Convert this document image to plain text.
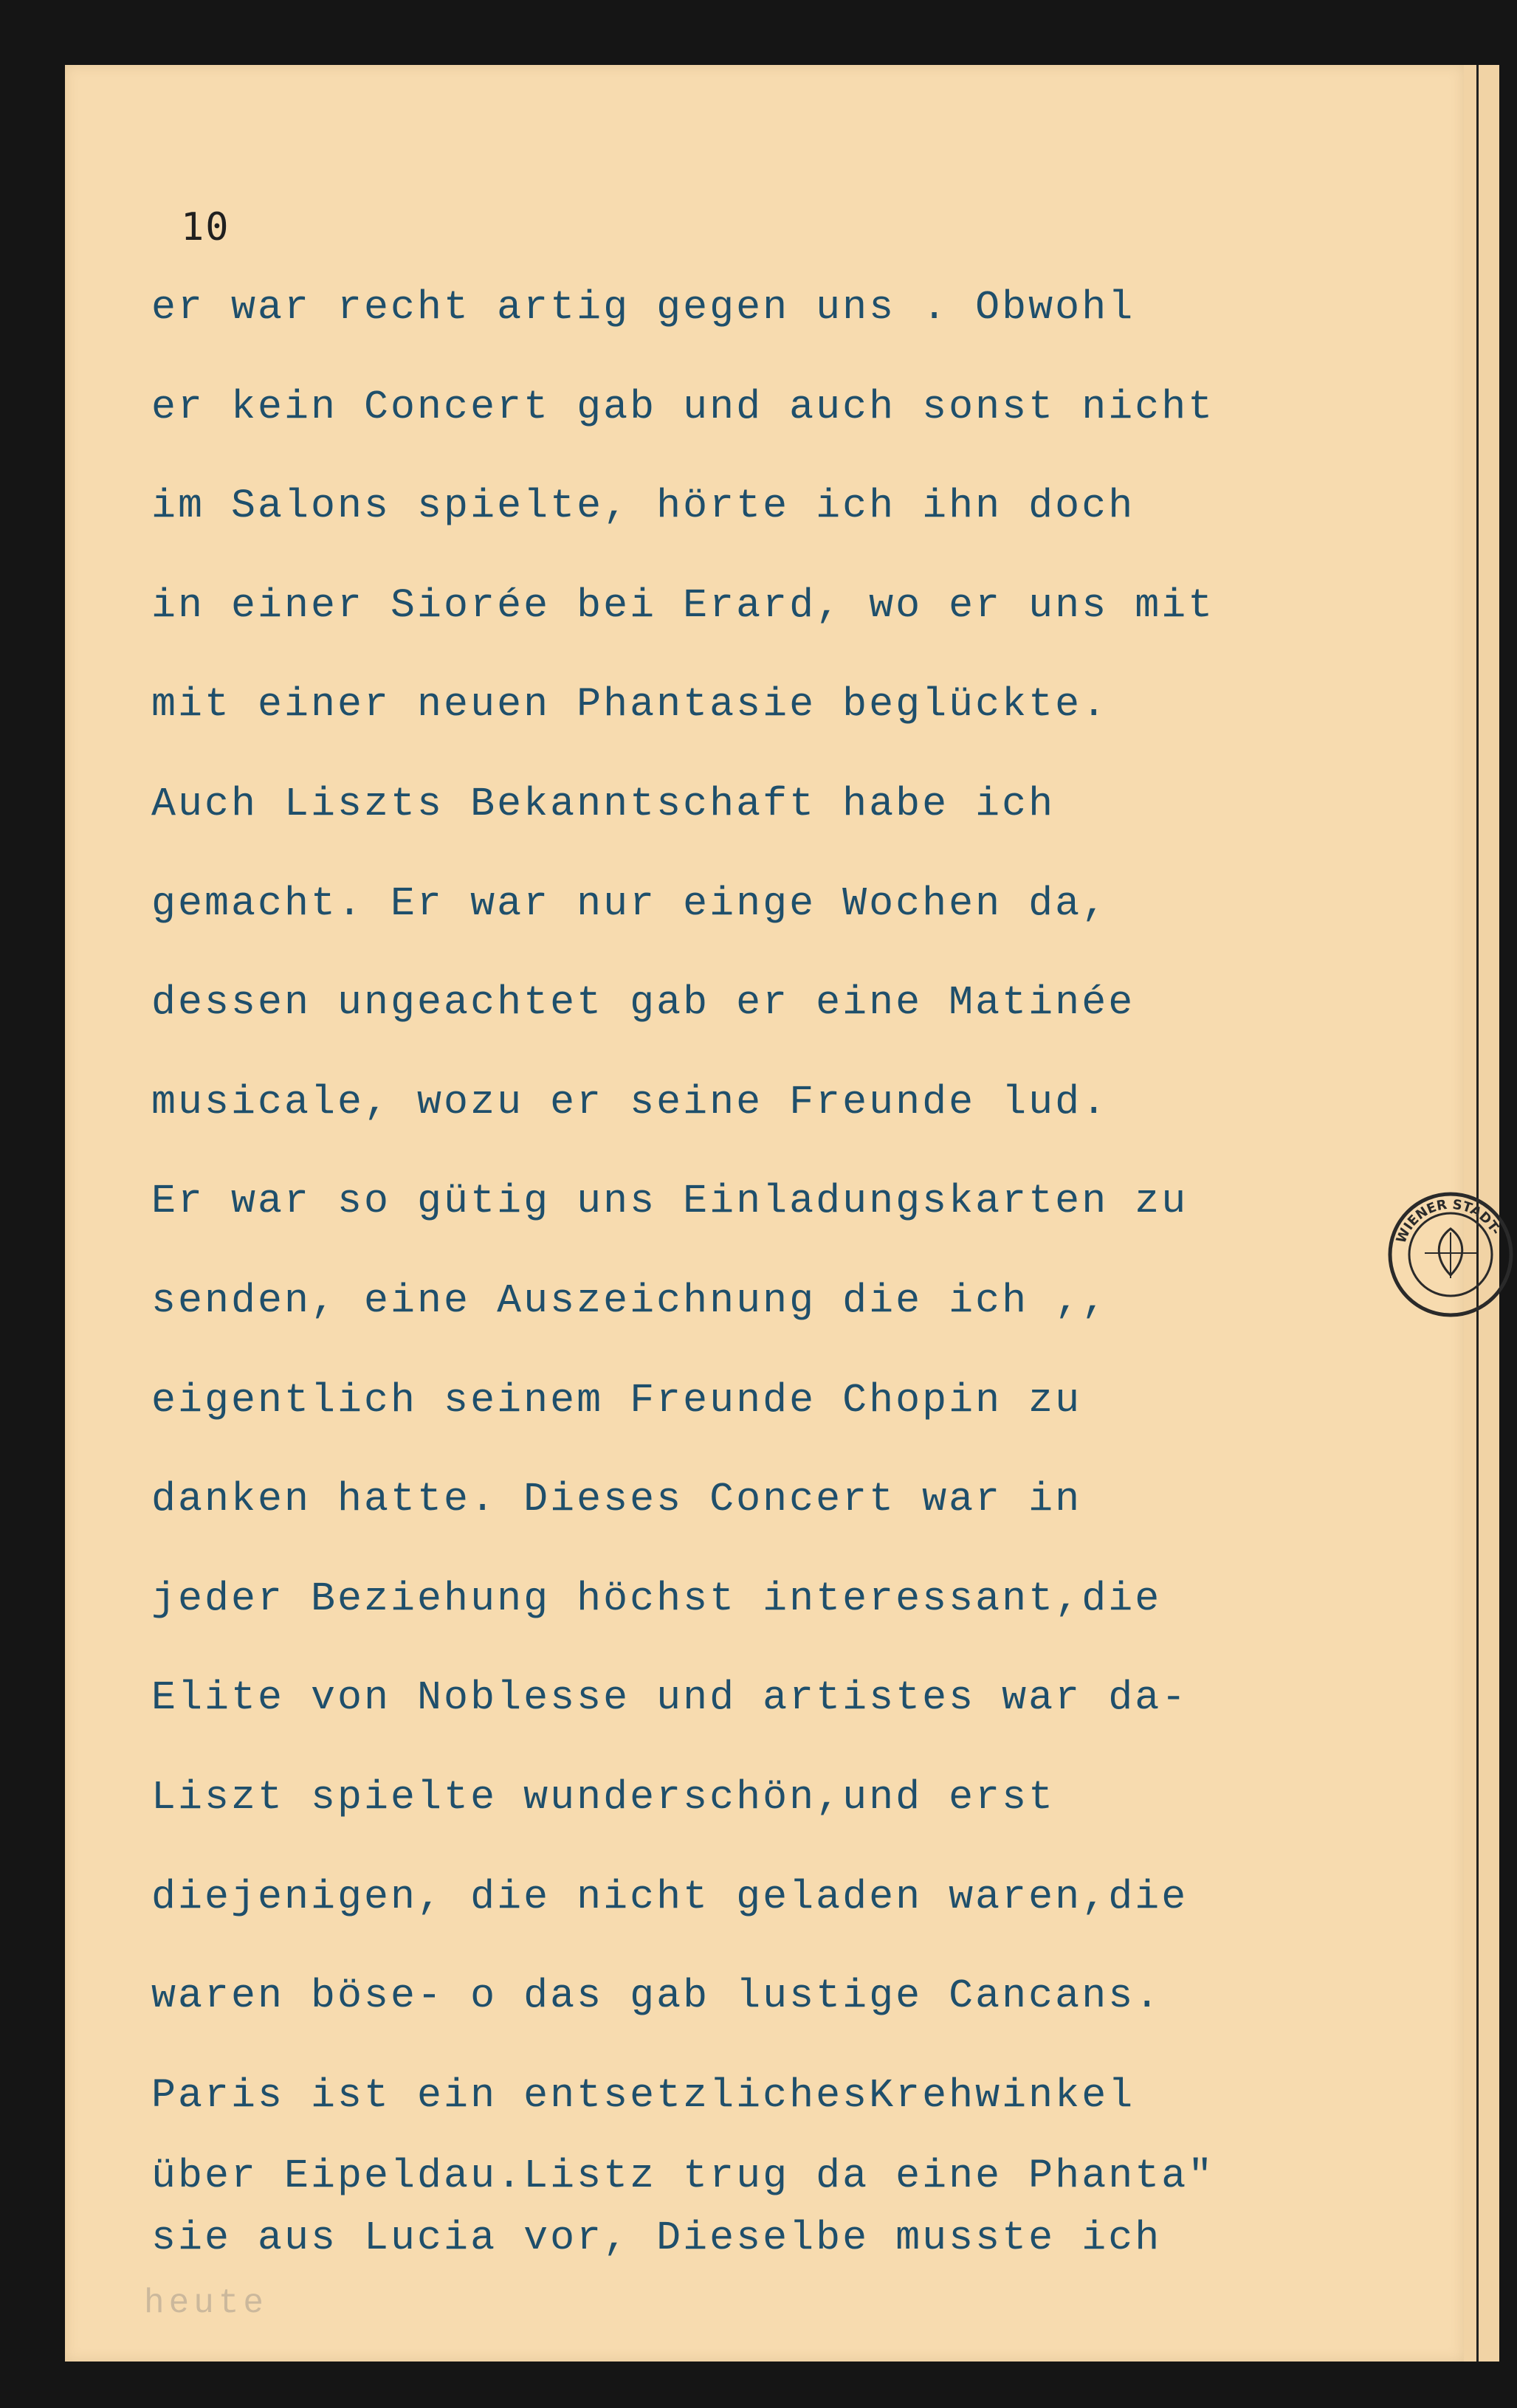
10
er war recht artig gegen uns . Obwohl
er kein Concert gab und auch sonst nicht
im Salons spielte, hörte ich ihn doch
in einer Siorée bei Erard, wo er uns mit
mit einer neuen Phantasie beglückte.
Auch Liszts Bekanntschaft habe ich
gemacht. Er war nur einge Wochen da,
dessen ungeachtet gab er eine Matinée
musicale, wozu er seine Freunde lud.
Er war so gütig uns Einladungskarten zu
senden, eine Auszeichnung die ich ,,
eigentlich seinem Freunde Chopin zu
danken hatte. Dieses Concert war in
jeder Beziehung höchst interessant,die
Elite von Noblesse und artistes war da-
Liszt spielte wunderschön,und erst
diejenigen, die nicht geladen waren,die
waren böse- o das gab lustige Cancans.
Paris ist ein entsetzlichesKrehwinkel
über Eipeldau.Listz trug da eine Phanta"
sie aus Lucia vor, Dieselbe musste ich
heute
WIENER STADT-
